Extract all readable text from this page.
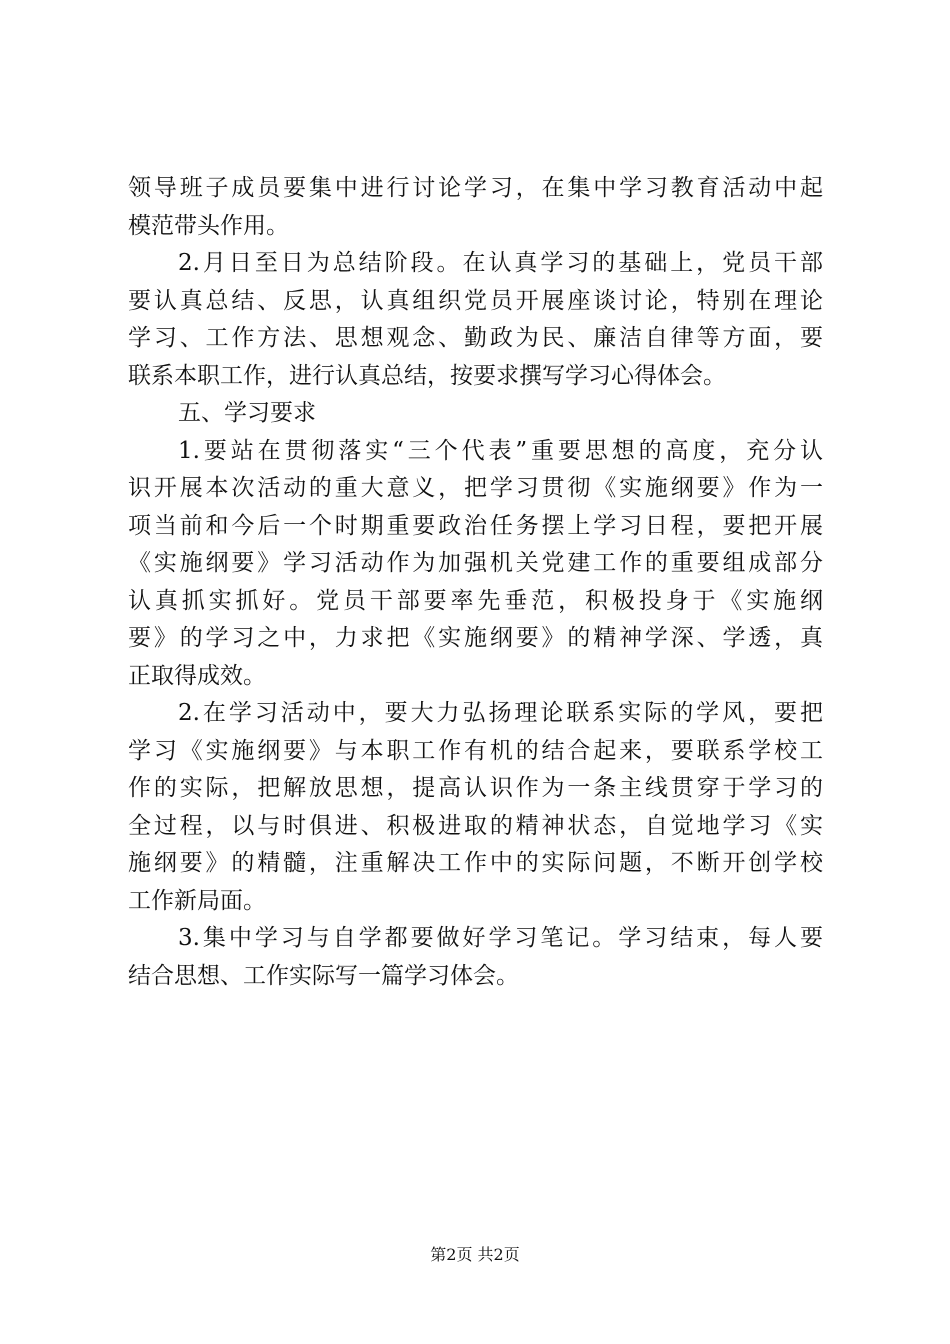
领导班子成员要集中进行讨论学习，在集中学习教育活动中起
模范带头作用。
2.月日至日为总结阶段。在认真学习的基础上，党员干部
要认真总结、反思，认真组织党员开展座谈讨论，特别在理论
学习、工作方法、思想观念、勤政为民、廉洁自律等方面，要
联系本职工作，进行认真总结，按要求撰写学习心得体会。
五、学习要求
1.要站在贯彻落实“三个代表”重要思想的高度，充分认
识开展本次活动的重大意义，把学习贯彻《实施纲要》作为一
项当前和今后一个时期重要政治任务摆上学习日程，要把开展
《实施纲要》学习活动作为加强机关党建工作的重要组成部分
认真抓实抓好。党员干部要率先垂范，积极投身于《实施纲
要》的学习之中，力求把《实施纲要》的精神学深、学透，真
正取得成效。
2.在学习活动中，要大力弘扬理论联系实际的学风，要把
学习《实施纲要》与本职工作有机的结合起来，要联系学校工
作的实际，把解放思想，提高认识作为一条主线贯穿于学习的
全过程，以与时俱进、积极进取的精神状态，自觉地学习《实
施纲要》的精髓，注重解决工作中的实际问题，不断开创学校
工作新局面。
3.集中学习与自学都要做好学习笔记。学习结束，每人要
结合思想、工作实际写一篇学习体会。
第2页 共2页
